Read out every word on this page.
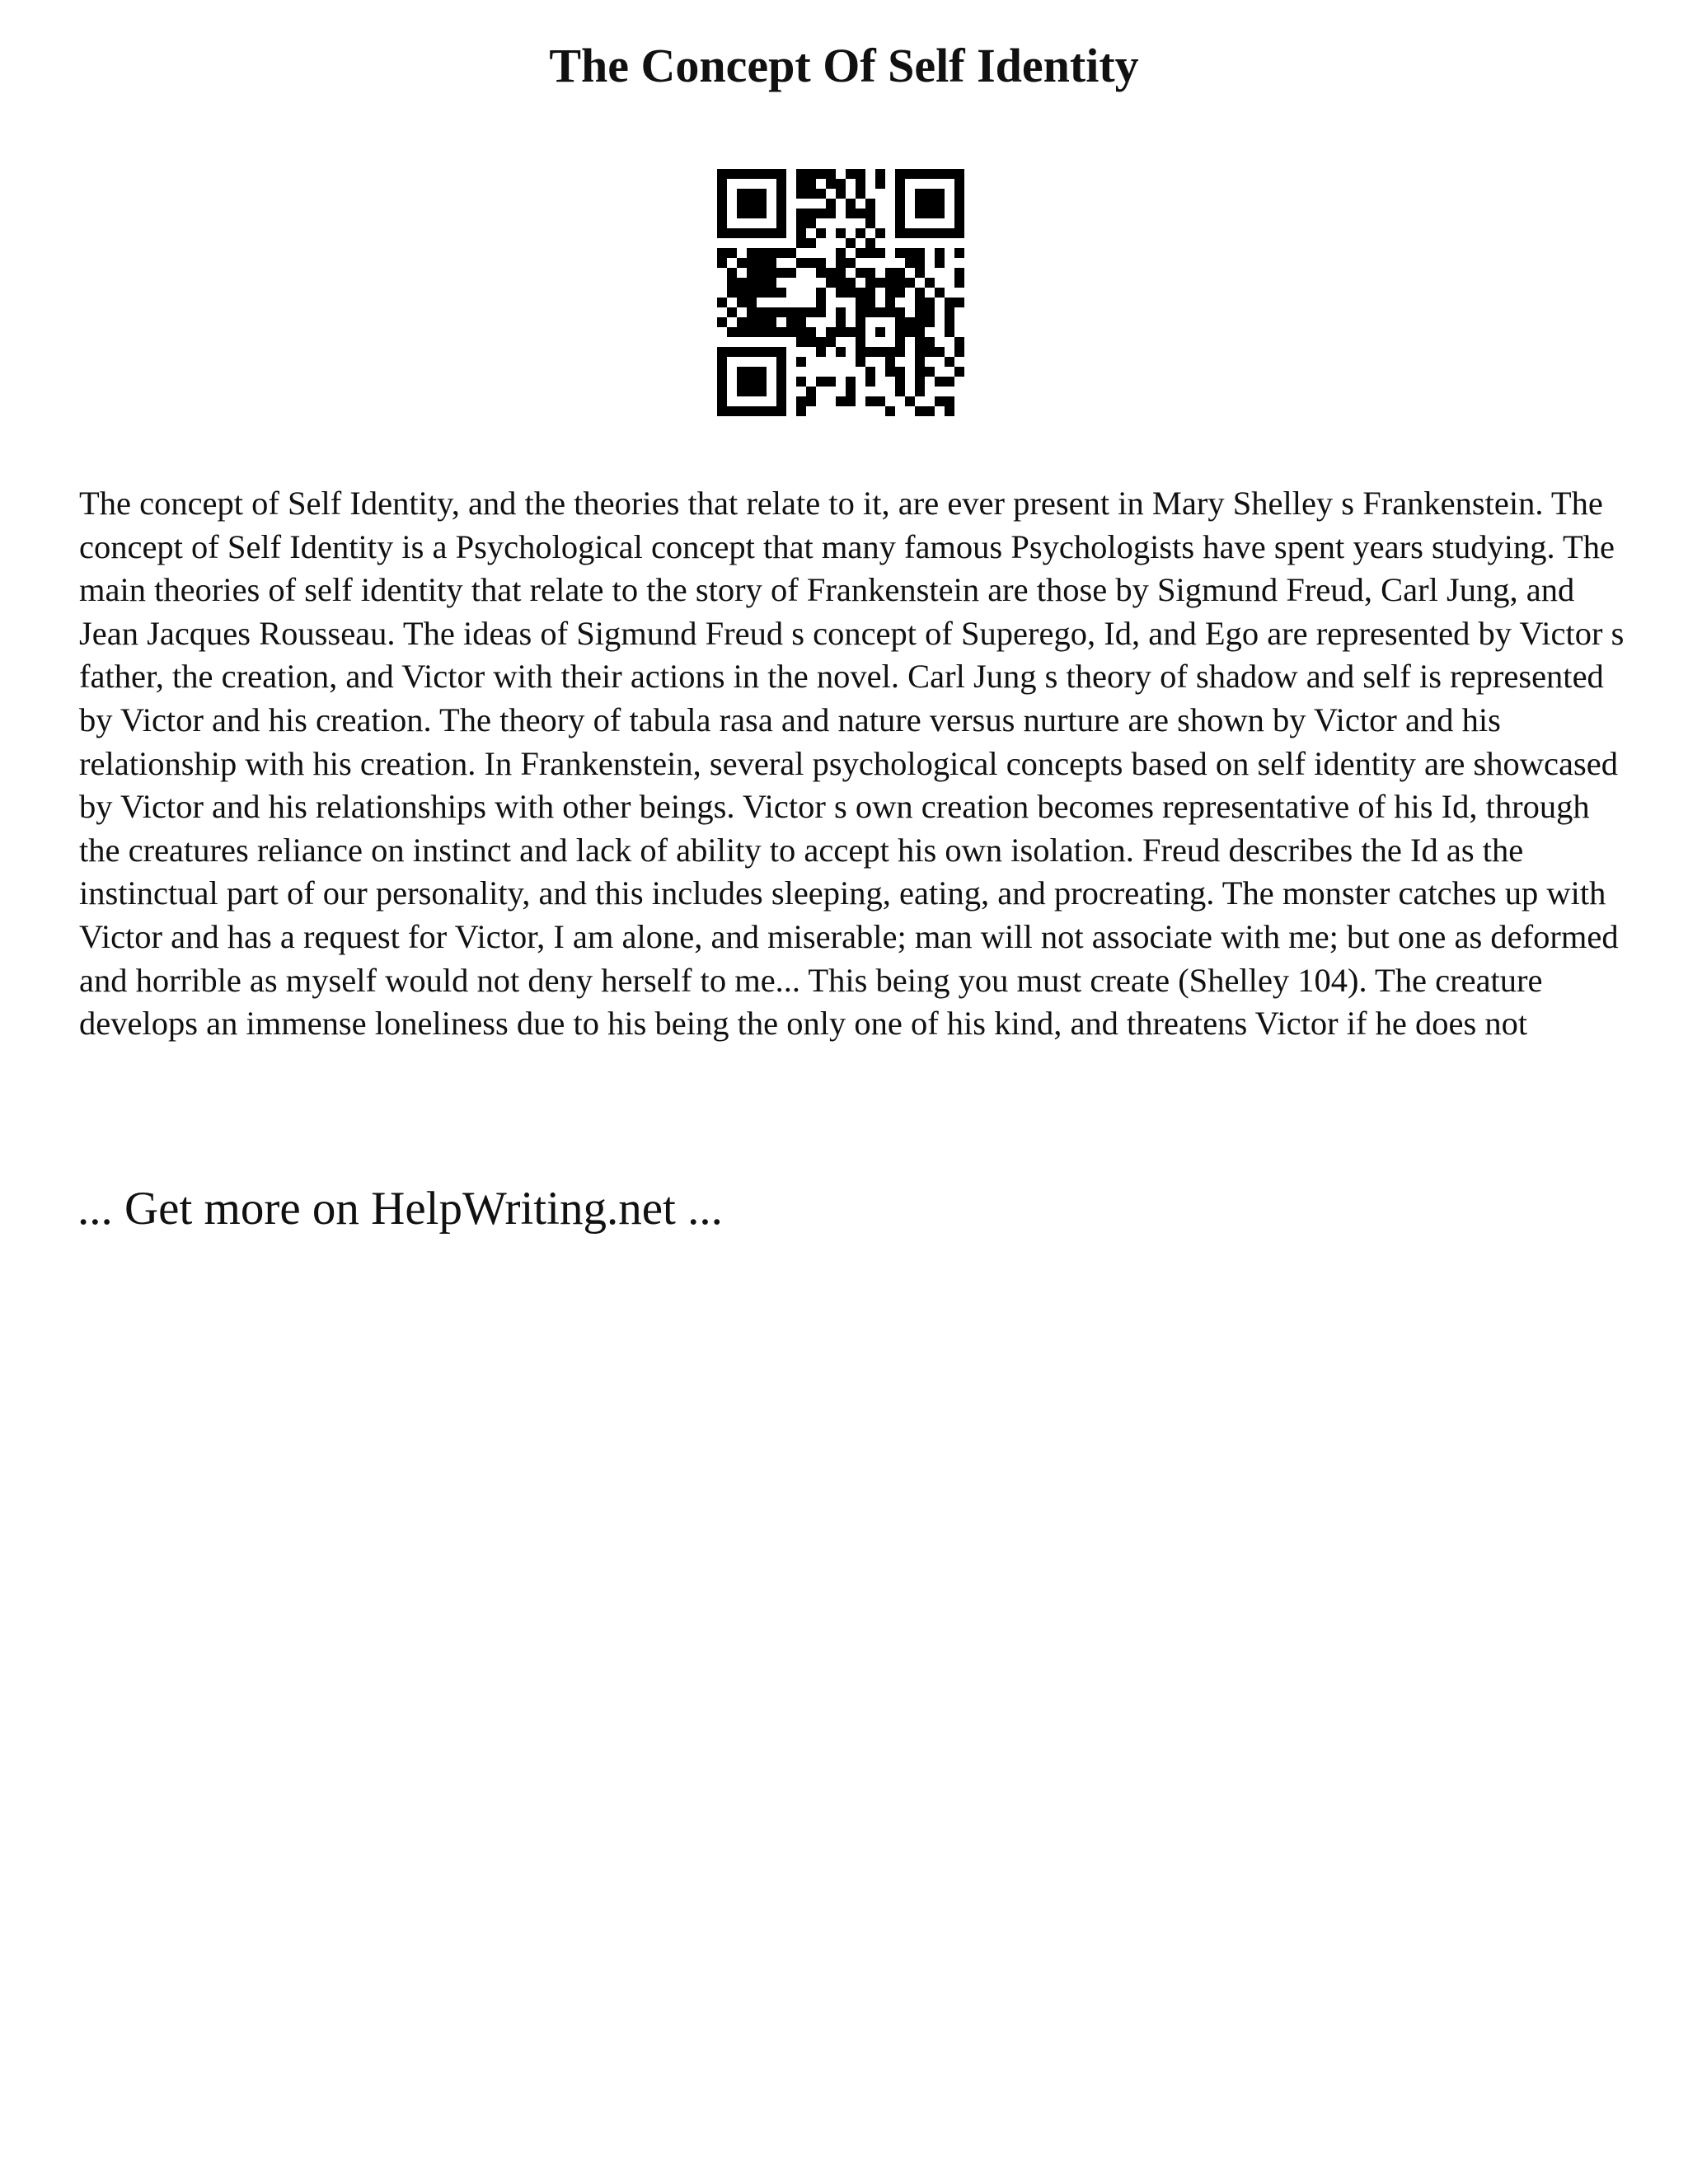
The Concept Of Self Identity

The concept of Self Identity, and the theories that relate to it, are ever present in Mary Shelley s Frankenstein. The concept of Self Identity is a Psychological concept that many famous Psychologists have spent years studying. The main theories of self identity that relate to the story of Frankenstein are those by Sigmund Freud, Carl Jung, and Jean Jacques Rousseau. The ideas of Sigmund Freud s concept of Superego, Id, and Ego are represented by Victor s father, the creation, and Victor with their actions in the novel. Carl Jung s theory of shadow and self is represented by Victor and his creation. The theory of tabula rasa and nature versus nurture are shown by Victor and his relationship with his creation. In Frankenstein, several psychological concepts based on self identity are showcased by Victor and his relationships with other beings. Victor s own creation becomes representative of his Id, through the creatures reliance on instinct and lack of ability to accept his own isolation. Freud describes the Id as the instinctual part of our personality, and this includes sleeping, eating, and procreating. The monster catches up with Victor and has a request for Victor, I am alone, and miserable; man will not associate with me; but one as deformed and horrible as myself would not deny herself to me... This being you must create (Shelley 104). The creature develops an immense loneliness due to his being the only one of his kind, and threatens Victor if he does not

... Get more on HelpWriting.net ...
